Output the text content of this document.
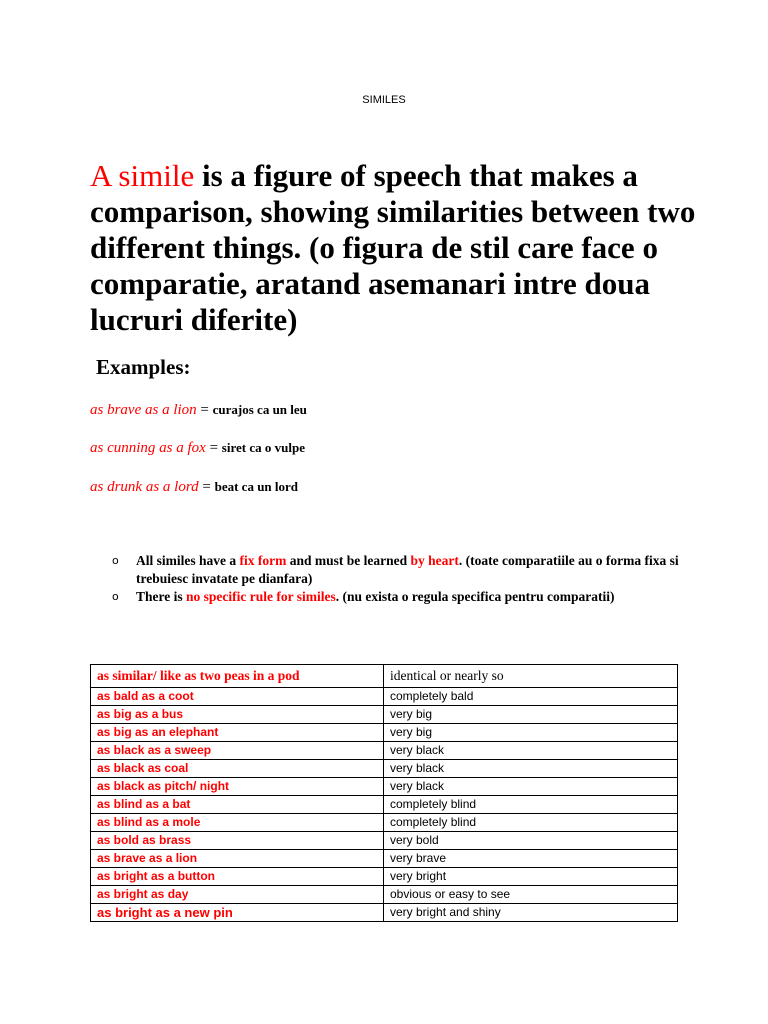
SIMILES
A simile is a figure of speech that makes a comparison, showing similarities between two different things. (o figura de stil care face o comparatie, aratand asemanari intre doua lucruri diferite)
Examples:
as brave as a lion = curajos ca un leu
as cunning as a fox = siret ca o vulpe
as drunk as a lord = beat ca un lord
o All similes have a fix form and must be learned by heart. (toate comparatiile au o forma fixa si trebuiesc invatate pe dianfara)
o There is no specific rule for similes. (nu exista o regula specifica pentru comparatii)
as similar/ like as two peas in a pod	identical or nearly so
as bald as a coot	completely bald
as big as a bus	very big
as big as an elephant	very big
as black as a sweep	very black
as black as coal	very black
as black as pitch/ night	very black
as blind as a bat	completely blind
as blind as a mole	completely blind
as bold as brass	very bold
as brave as a lion	very brave
as bright as a button	very bright
as bright as day	obvious or easy to see
as bright as a new pin	very bright and shiny
